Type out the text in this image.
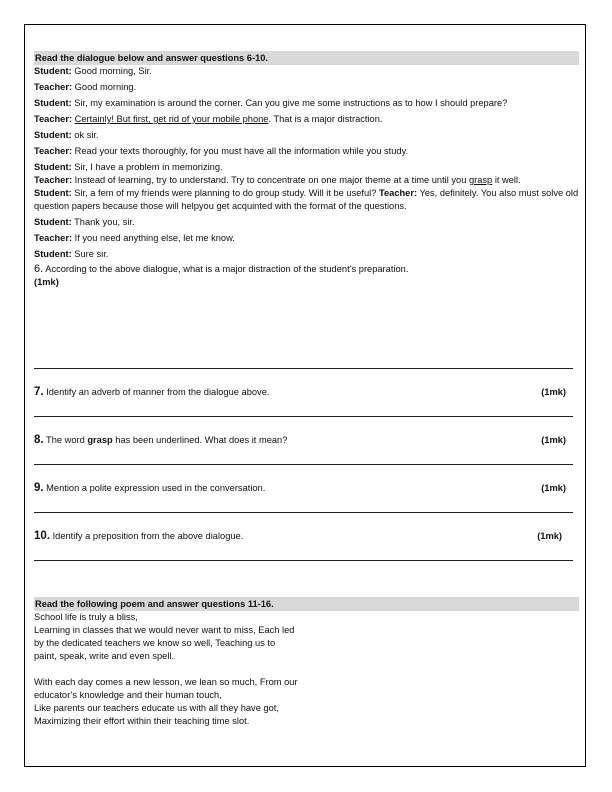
Read the dialogue below and answer questions 6-10.
Student: Good morning, Sir.
Teacher: Good morning.
Student: Sir, my examination is around the corner. Can you give me some instructions as to how I should prepare?
Teacher: Certainly! But first, get rid of your mobile phone. That is a major distraction.
Student: ok sir.
Teacher: Read your texts thoroughly, for you must have all the information while you study.
Student: Sir, I have a problem in memorizing.
Teacher: Instead of learning, try to understand. Try to concentrate on one major theme at a time until you grasp it well.
Student: Sir, a fem of my friends were planning to do group study. Will it be useful? Teacher: Yes, definitely. You also must solve old question papers because those will helpyou get acquinted with the format of the questions.
Student: Thank you, sir.
Teacher: If you need anything else, let me know.
Student: Sure sir.
6. According to the above dialogue, what is a major distraction of the student’s preparation.
(1mk)
7. Identify an adverb of manner from the dialogue above.	(1mk)
8. The word grasp has been underlined. What does it mean?	(1mk)
9. Mention a polite expression used in the conversation.	(1mk)
10. Identify a preposition from the above dialogue.	(1mk)
Read the following poem and answer questions 11-16.
School life is truly a bliss,
Learning in classes that we would never want to miss, Each led
by the dedicated teachers we know so well, Teaching us to
paint, speak, write and even spell.
With each day comes a new lesson, we lean so much, From our
educator’s knowledge and their human touch,
Like parents our teachers educate us with all they have got,
Maximizing their effort within their teaching time slot.
